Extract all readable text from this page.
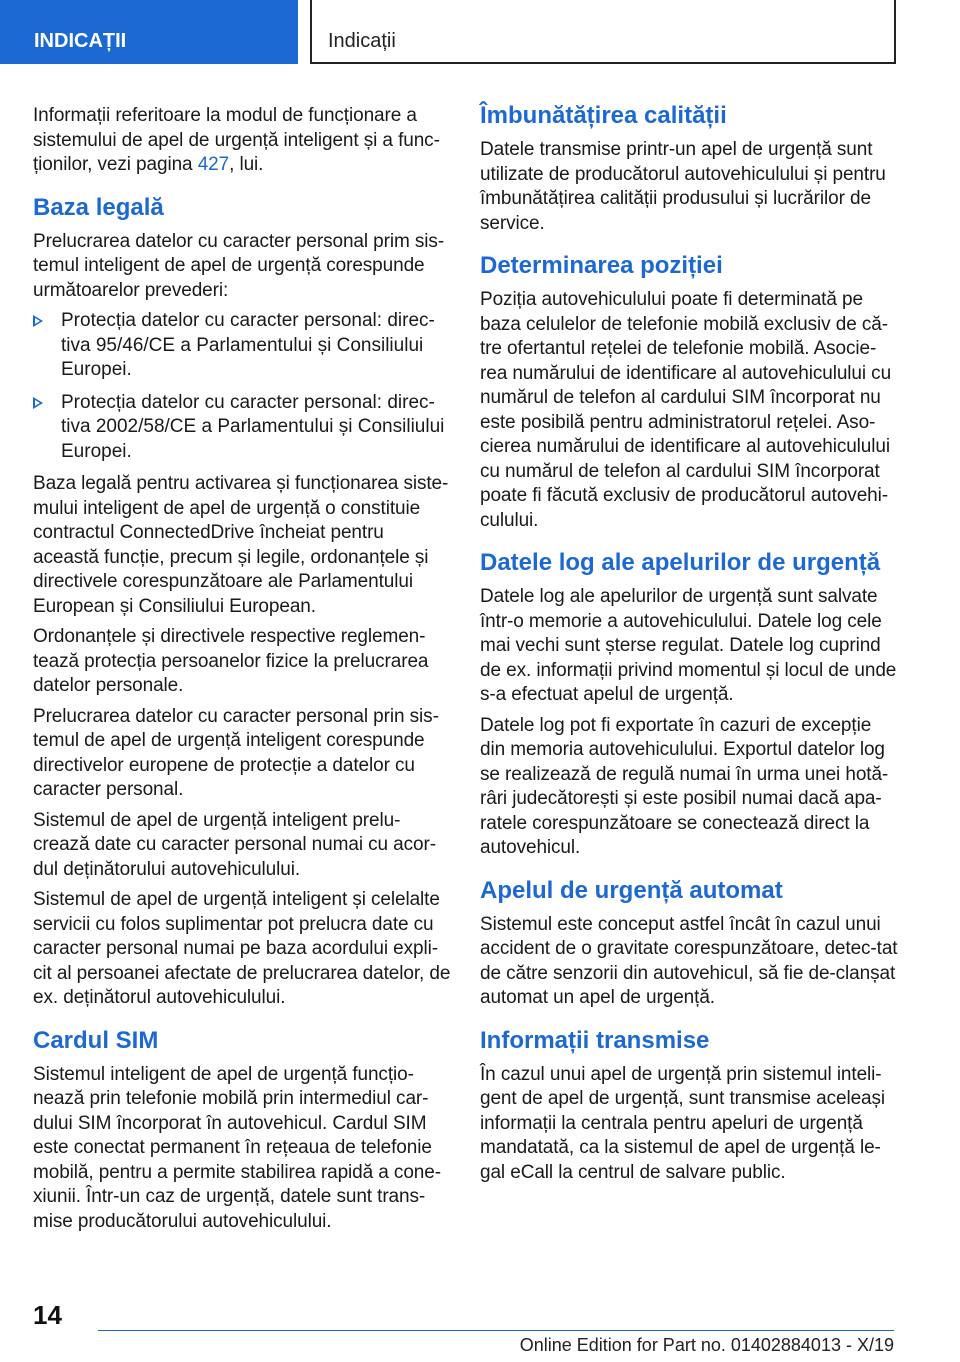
INDICAȚII	Indicații

Informații referitoare la modul de funcționare a sistemului de apel de urgență inteligent și a func-ționilor, vezi pagina 427, lui.

Baza legală

Prelucrarea datelor cu caracter personal prim sis-temul inteligent de apel de urgență corespunde următoarelor prevederi:

Protecția datelor cu caracter personal: direc-tiva 95/46/CE a Parlamentului și Consiliului Europei.
Protecția datelor cu caracter personal: direc-tiva 2002/58/CE a Parlamentului și Consiliului Europei.

Baza legală pentru activarea și funcționarea siste-mului inteligent de apel de urgență o constituie contractul ConnectedDrive încheiat pentru această funcție, precum și legile, ordonanțele și directivele corespunzătoare ale Parlamentului European și Consiliului European.

Ordonanțele și directivele respective reglemen-tează protecția persoanelor fizice la prelucrarea datelor personale.

Prelucrarea datelor cu caracter personal prin sis-temul de apel de urgență inteligent corespunde directivelor europene de protecție a datelor cu caracter personal.

Sistemul de apel de urgență inteligent prelu-crează date cu caracter personal numai cu acor-dul deținătorului autovehiculului.

Sistemul de apel de urgență inteligent și celelalte servicii cu folos suplimentar pot prelucra date cu caracter personal numai pe baza acordului expli-cit al persoanei afectate de prelucrarea datelor, de ex. deținătorul autovehiculului.

Cardul SIM

Sistemul inteligent de apel de urgență funcțio-nează prin telefonie mobilă prin intermediul car-dului SIM încorporat în autovehicul. Cardul SIM este conectat permanent în rețeaua de telefonie mobilă, pentru a permite stabilirea rapidă a cone-xiunii. Într-un caz de urgență, datele sunt trans-mise producătorului autovehiculului.

Îmbunătățirea calității

Datele transmise printr-un apel de urgență sunt utilizate de producătorul autovehiculului și pentru îmbunătățirea calității produsului și lucrărilor de service.

Determinarea poziției

Poziția autovehiculului poate fi determinată pe baza celulelor de telefonie mobilă exclusiv de că-tre ofertantul rețelei de telefonie mobilă. Asocie-rea numărului de identificare al autovehiculului cu numărul de telefon al cardului SIM încorporat nu este posibilă pentru administratorul rețelei. Aso-cierea numărului de identificare al autovehiculului cu numărul de telefon al cardului SIM încorporat poate fi făcută exclusiv de producătorul autovehi-culului.

Datele log ale apelurilor de urgență

Datele log ale apelurilor de urgență sunt salvate într-o memorie a autovehiculului. Datele log cele mai vechi sunt șterse regulat. Datele log cuprind de ex. informații privind momentul și locul de unde s-a efectuat apelul de urgență.

Datele log pot fi exportate în cazuri de excepție din memoria autovehiculului. Exportul datelor log se realizează de regulă numai în urma unei hotă-râri judecătorești și este posibil numai dacă apa-ratele corespunzătoare se conectează direct la autovehicul.

Apelul de urgență automat

Sistemul este conceput astfel încât în cazul unui accident de o gravitate corespunzătoare, detec-tat de către senzorii din autovehicul, să fie de-clanșat automat un apel de urgență.

Informații transmise

În cazul unui apel de urgență prin sistemul inteli-gent de apel de urgență, sunt transmise aceleași informații la centrala pentru apeluri de urgență mandatată, ca la sistemul de apel de urgență le-gal eCall la centrul de salvare public.

14
Online Edition for Part no. 01402884013 - X/19
